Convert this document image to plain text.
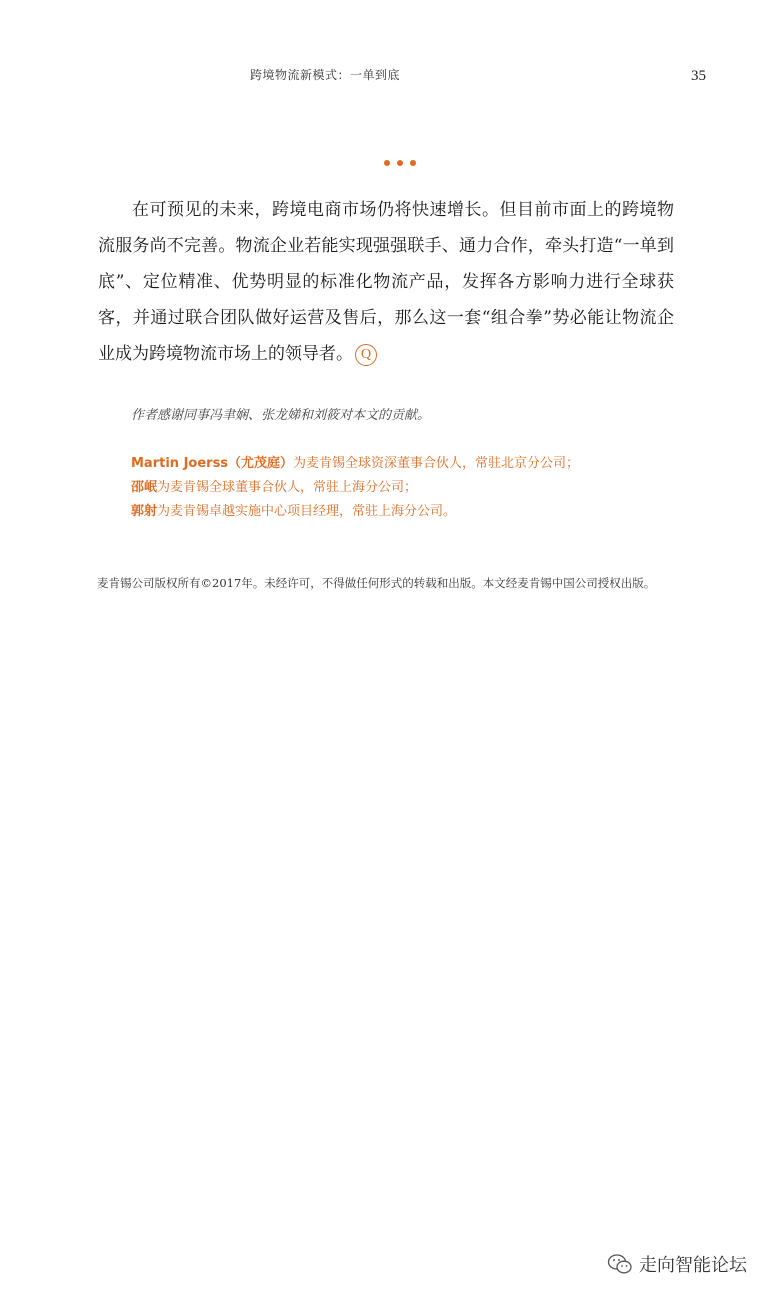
跨境物流新模式：一单到底	35

在可预见的未来，跨境电商市场仍将快速增长。但目前市面上的跨境物流服务尚不完善。物流企业若能实现强强联手、通力合作，牵头打造“一单到底”、定位精准、优势明显的标准化物流产品，发挥各方影响力进行全球获客，并通过联合团队做好运营及售后，那么这一套“组合拳”势必能让物流企业成为跨境物流市场上的领导者。 Q

作者感谢同事冯聿娴、张龙娣和刘筱对本文的贡献。
Martin Joerss（尤茂庭）为麦肯锡全球资深董事合伙人，常驻北京分公司；
邵岷为麦肯锡全球董事合伙人，常驻上海分公司；
郭射为麦肯锡卓越实施中心项目经理，常驻上海分公司。
麦肯锡公司版权所有©2017年。未经许可，不得做任何形式的转载和出版。本文经麦肯锡中国公司授权出版。
走向智能论坛
